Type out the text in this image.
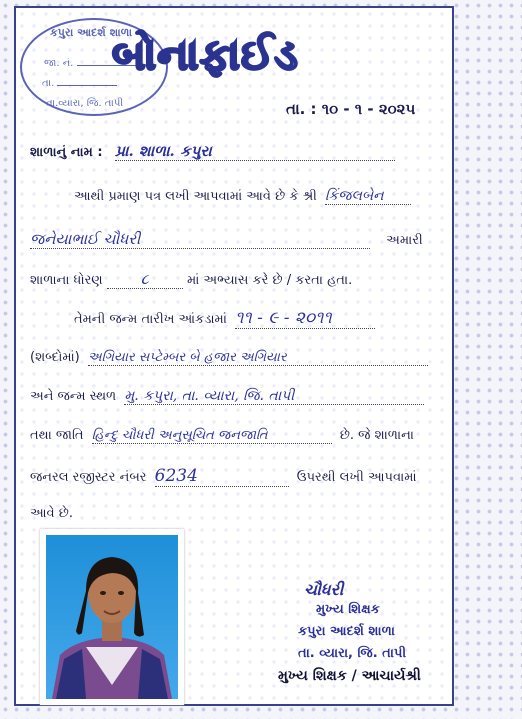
કપુરા આદર્શ શાળા
જા. નં.
તા.
તા.વ્યારા, જિ. તાપી
બોનાફાઈડ
તા. : ૧૦ - ૧ - ૨૦૨૫
શાળાનું નામ : પ્રા. શાળા. કપુરા
આથી પ્રમાણ પત્ર લખી આપવામાં આવે છે કે શ્રી કિંજલબેન
જનેયાભાઈ ચૌધરી	અમારી
શાળાના ધોરણ	૮	માં અભ્યાસ કરે છે / કરતા હતા.
તેમની જન્મ તારીખ આંકડામાં ૧૧ - ૯ - ૨૦૧૧
(શબ્દોમાં) અગિયાર સપ્ટેમ્બર બે હજાર અગિયાર
અને જન્મ સ્થળ મુ. કપુરા, તા. વ્યારા, જિ. તાપી
તથા જાતિ હિન્દુ ચૌધરી અનુસૂચિત જનજાતિ	છે. જે શાળાના
જનરલ રજીસ્ટર નંબર 6234	ઉપરથી લખી આપવામાં
આવે છે.
ચૌધરી
મુખ્ય શિક્ષક
કપુરા આદર્શ શાળા
તા. વ્યારા, જિ. તાપી
મુખ્ય શિક્ષક / આચાર્યશ્રી
